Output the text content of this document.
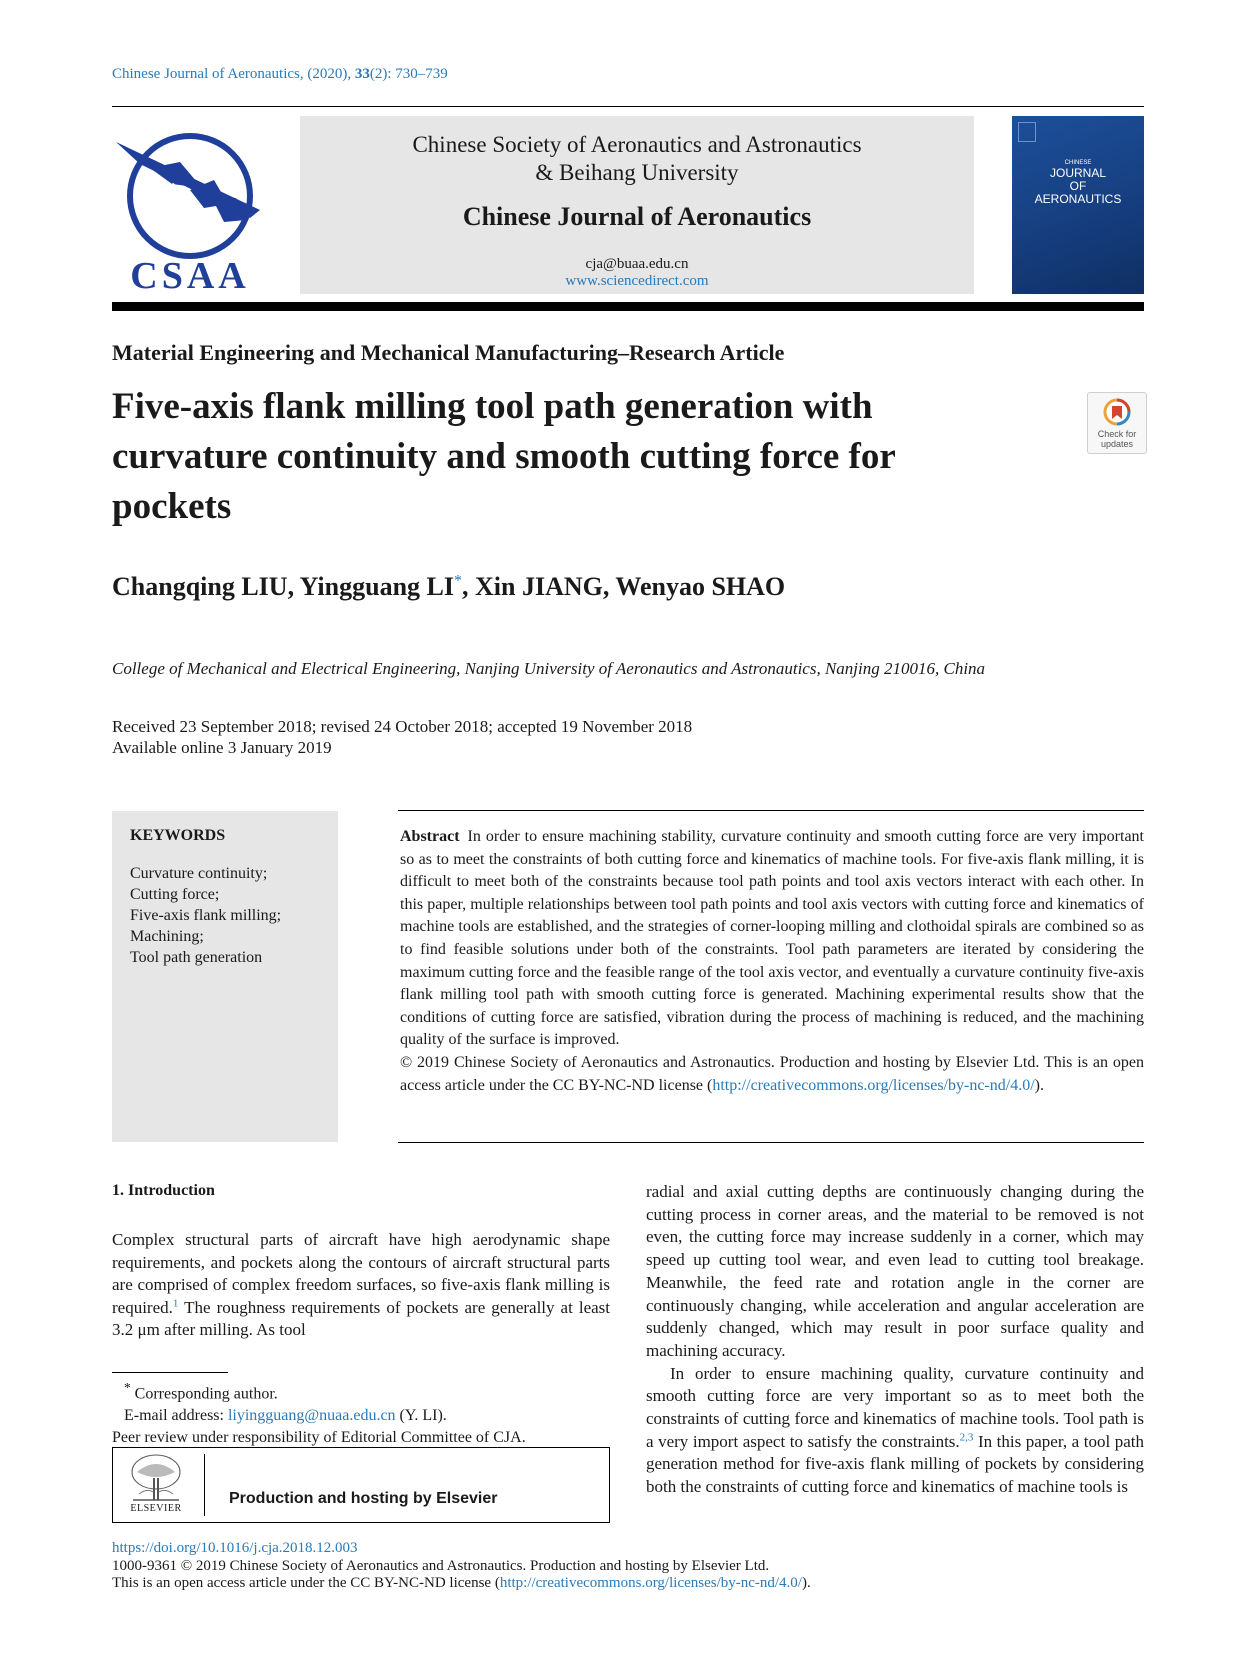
Chinese Journal of Aeronautics, (2020), 33(2): 730–739
CSAA
Chinese Society of Aeronautics and Astronautics
& Beihang University
Chinese Journal of Aeronautics
cja@buaa.edu.cn
www.sciencedirect.com
CHINESE
JOURNAL
OF
AERONAUTICS
Material Engineering and Mechanical Manufacturing–Research Article
Five-axis flank milling tool path generation with curvature continuity and smooth cutting force for pockets
Check for
updates
Changqing LIU, Yingguang LI*, Xin JIANG, Wenyao SHAO
College of Mechanical and Electrical Engineering, Nanjing University of Aeronautics and Astronautics, Nanjing 210016, China
Received 23 September 2018; revised 24 October 2018; accepted 19 November 2018
Available online 3 January 2019
KEYWORDS
Curvature continuity;
Cutting force;
Five-axis flank milling;
Machining;
Tool path generation
Abstract In order to ensure machining stability, curvature continuity and smooth cutting force are very important so as to meet the constraints of both cutting force and kinematics of machine tools. For five-axis flank milling, it is difficult to meet both of the constraints because tool path points and tool axis vectors interact with each other. In this paper, multiple relationships between tool path points and tool axis vectors with cutting force and kinematics of machine tools are established, and the strategies of corner-looping milling and clothoidal spirals are combined so as to find feasible solutions under both of the constraints. Tool path parameters are iterated by considering the maximum cutting force and the feasible range of the tool axis vector, and eventually a curvature continuity five-axis flank milling tool path with smooth cutting force is generated. Machining experimental results show that the conditions of cutting force are satisfied, vibration during the process of machining is reduced, and the machining quality of the surface is improved.
© 2019 Chinese Society of Aeronautics and Astronautics. Production and hosting by Elsevier Ltd. This is an open access article under the CC BY-NC-ND license (http://creativecommons.org/licenses/by-nc-nd/4.0/).
1. Introduction
Complex structural parts of aircraft have high aerodynamic shape requirements, and pockets along the contours of aircraft structural parts are comprised of complex freedom surfaces, so five-axis flank milling is required.$^1$ The roughness requirements of pockets are generally at least 3.2 μm after milling. As tool

radial and axial cutting depths are continuously changing during the cutting process in corner areas, and the material to be removed is not even, the cutting force may increase suddenly in a corner, which may speed up cutting tool wear, and even lead to cutting tool breakage. Meanwhile, the feed rate and rotation angle in the corner are continuously changing, while acceleration and angular acceleration are suddenly changed, which may result in poor surface quality and machining accuracy.

In order to ensure machining quality, curvature continuity and smooth cutting force are very important so as to meet both the constraints of cutting force and kinematics of machine tools. Tool path is a very import aspect to satisfy the constraints.$^{2,3}$ In this paper, a tool path generation method for five-axis flank milling of pockets by considering both the constraints of cutting force and kinematics of machine tools is

* Corresponding author.
E-mail address: liyingguang@nuaa.edu.cn (Y. LI).
Peer review under responsibility of Editorial Committee of CJA.
ELSEVIER
Production and hosting by Elsevier
https://doi.org/10.1016/j.cja.2018.12.003
1000-9361 © 2019 Chinese Society of Aeronautics and Astronautics. Production and hosting by Elsevier Ltd.
This is an open access article under the CC BY-NC-ND license (http://creativecommons.org/licenses/by-nc-nd/4.0/).
